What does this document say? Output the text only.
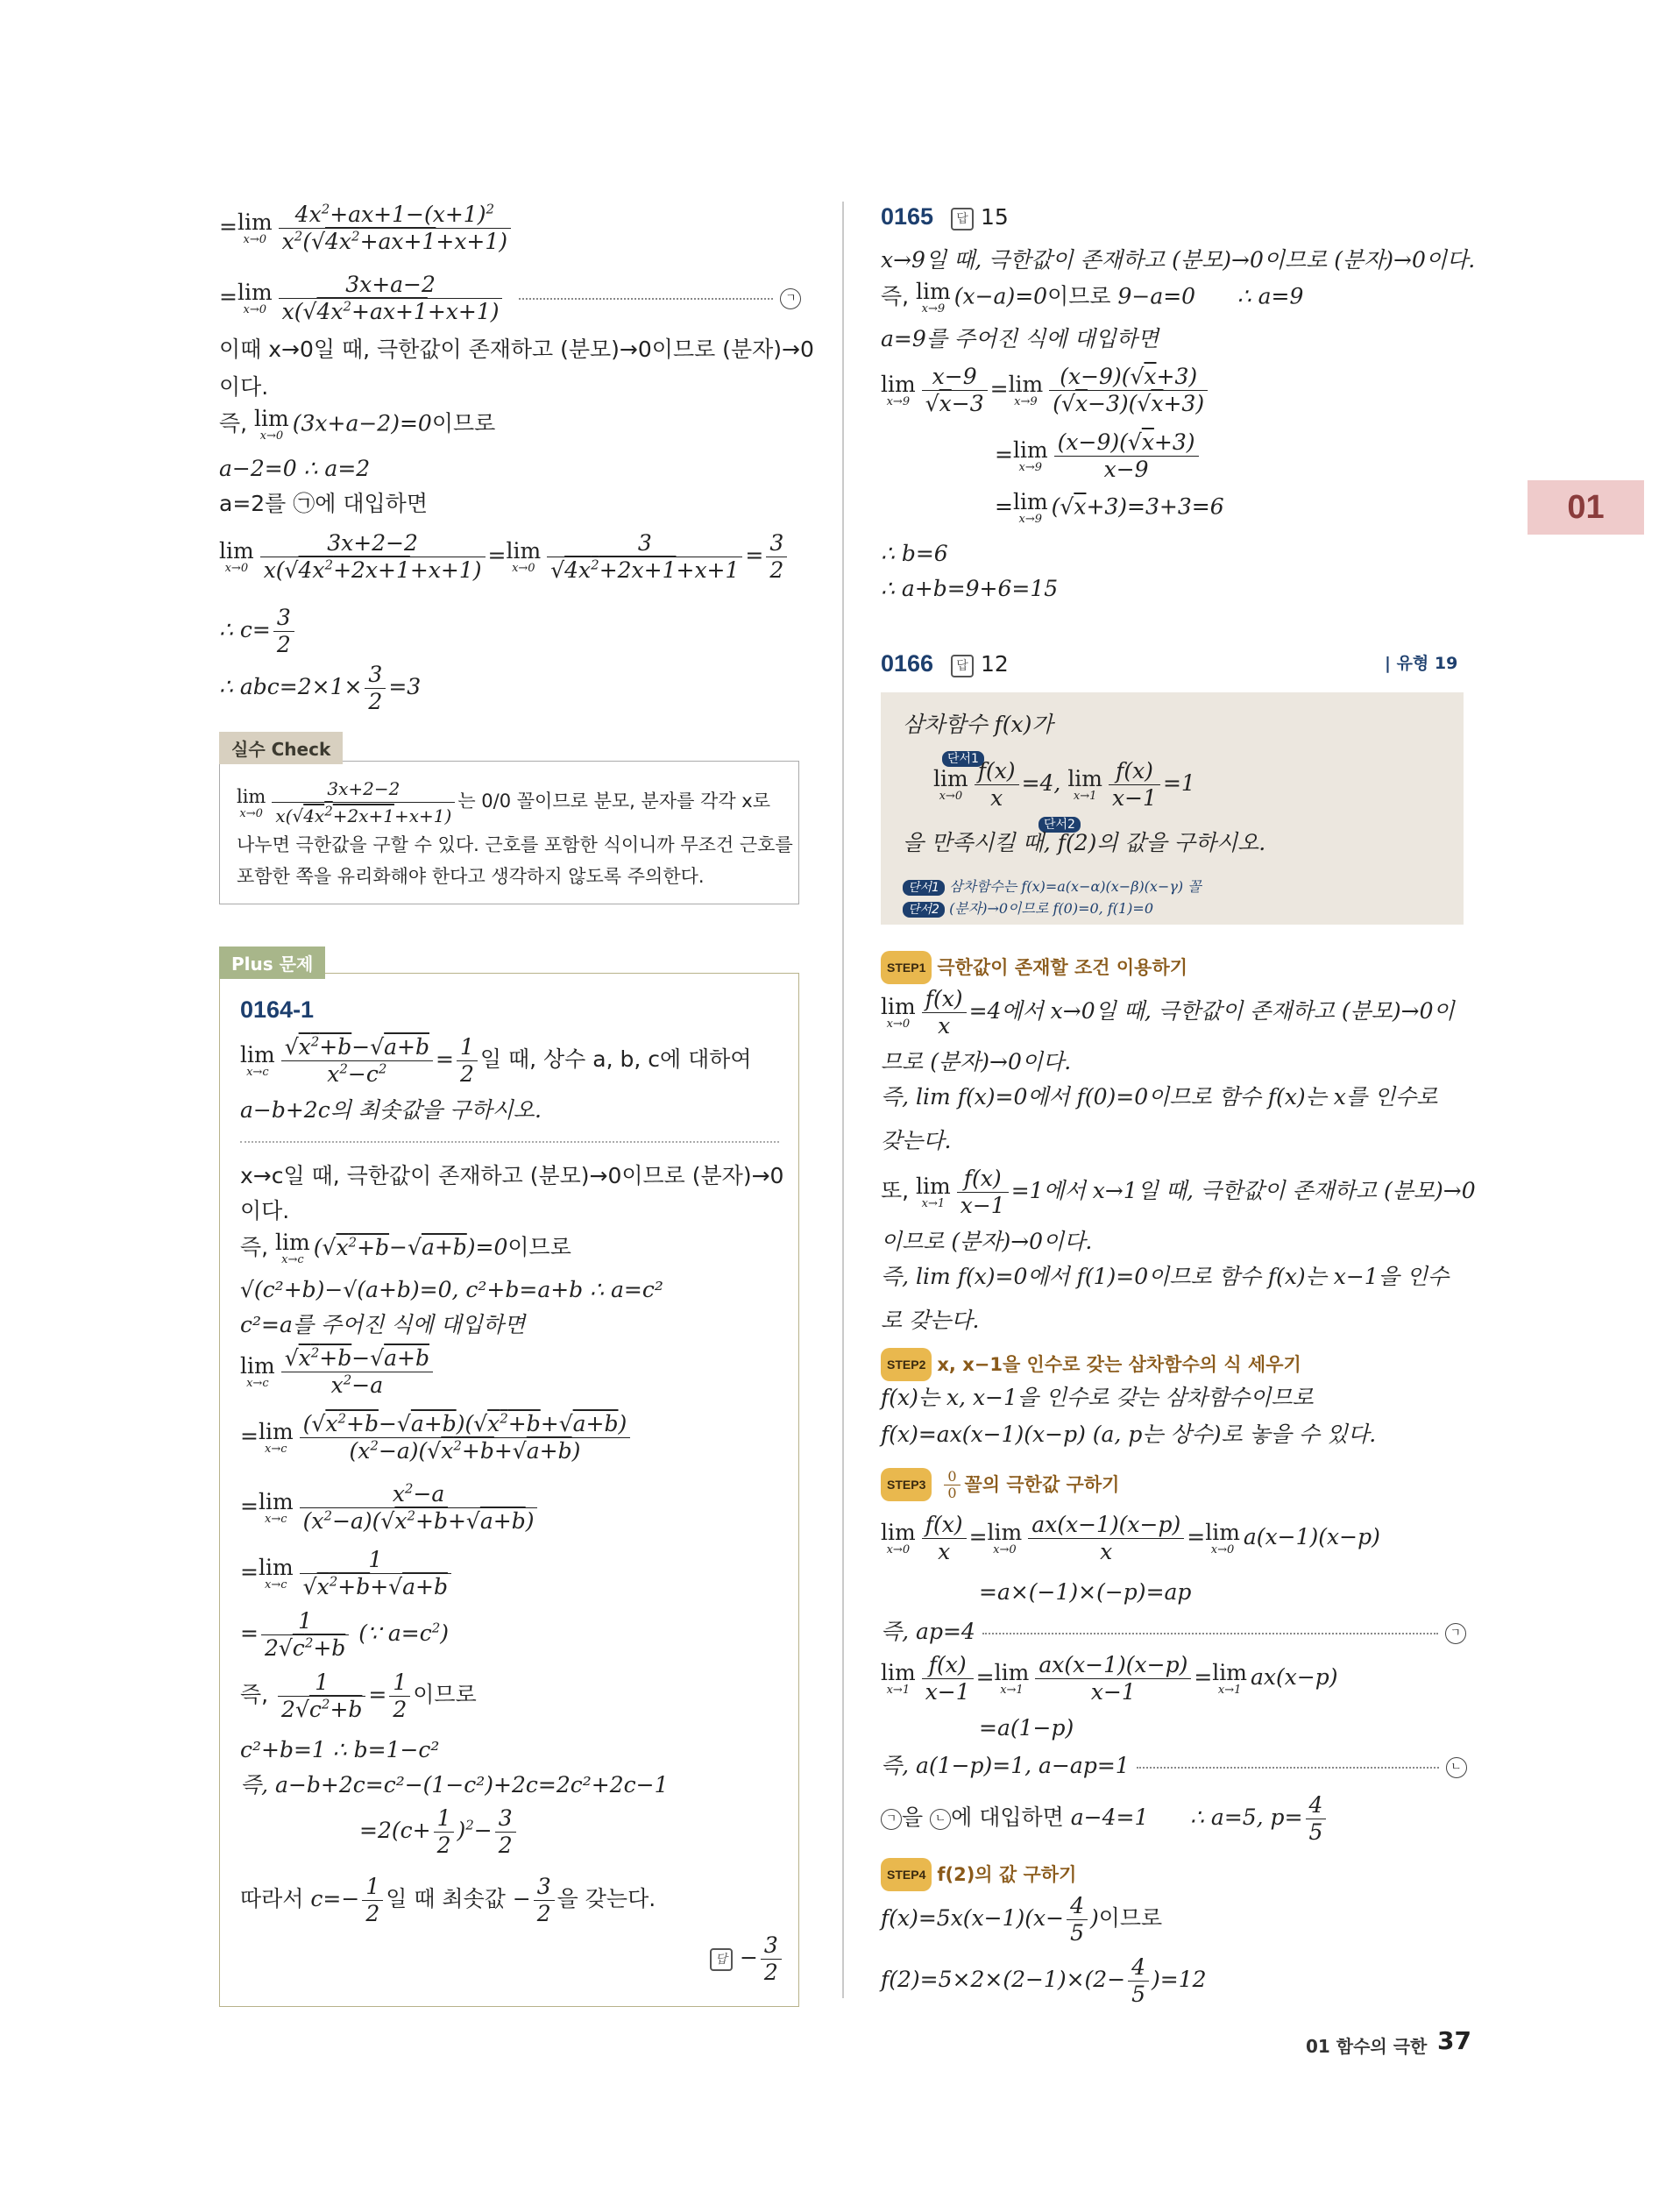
01
= lim
$x\to 0 \frac{4x^2+ax+1-(x+1)^2}{x^2(√4x^2+ax+1+x+1)}$
= lim
$x\to 0 \frac{3x+a-2}{x(√4x^2+ax+1+x+1)}$	ㄱ
이때 x→0일 때, 극한값이 존재하고 (분모)→0이므로 (분자)→0
이다.
즉, lim
x→0 (3x+a−2)=0이므로
a−2=0 ∴ a=2
a=2를 ㉠에 대입하면
lim
$x\to 0 \frac{3x+2-2}{x(√4x^2+2x+1+x+1)} = \lim$
$x\to 0 \frac{3}{√4x^2+2x+1+x+1} = \frac{3}{2}$
∴ $c= \frac{3}{2}$
∴ $abc=2\times 1\times \frac{3}{2} =3$
실수 Check
lim
$x\to 0 \frac{3x+2-2}{x(√4x^2+2x+1+x+1)}$ 는 0/0 꼴이므로 분모, 분자를 각각 x로
나누면 극한값을 구할 수 있다. 근호를 포함한 식이니까 무조건 근호를
포함한 쪽을 유리화해야 한다고 생각하지 않도록 주의한다.
Plus 문제
0164-1
lim
$x\to c \frac{√x^2+b-√a+b}{x^2-c^2} = \frac{1}{2}$ 일 때, 상수 a, b, c에 대하여
a−b+2c의 최솟값을 구하시오.
x→c일 때, 극한값이 존재하고 (분모)→0이므로 (분자)→0
이다.
즉, lim
x→c $(√x^2+b-√a+b)=0$이므로
√(c²+b)−√(a+b)=0, c²+b=a+b ∴ a=c²
c²=a를 주어진 식에 대입하면
lim
$x\to c \frac{√x^2+b-√a+b}{x^2-a}$
= lim
$x\to c \frac{(√x^2+b-√a+b)(√x^2+b+√a+b)}{(x^2-a)(√x^2+b+√a+b)}$
= lim
$x\to c \frac{x^2-a}{(x^2-a)(√x^2+b+√a+b)}$
= lim
$x\to c \frac{1}{√x^2+b+√a+b}$
= $\frac{1}{2√c^2+b}$ (∵ $a=c^2$)
즉, $\frac{1}{2√c^2+b} = \frac{1}{2}$ 이므로
c²+b=1 ∴ b=1−c²
즉, a−b+2c=c²−(1−c²)+2c=2c²+2c−1
$=2(c+ \frac{1}{2} )^2- \frac{3}{2}$
따라서 $c=- \frac{1}{2}$ 일 때 최솟값 − $\frac{3}{2}$ 을 갖는다.
답 − $\frac{3}{2}$
0165 답 15
x→9일 때, 극한값이 존재하고 (분모)→0이므로 (분자)→0이다.
즉, lim
x→9 (x−a)=0이므로 9−a=0      ∴ a=9
a=9를 주어진 식에 대입하면
lim
$x\to 9 \frac{x-9}{√x-3} = \lim$
$x\to 9 \frac{(x-9)(√x+3)}{(√x-3)(√x+3)}$
= lim
$x\to 9 \frac{(x-9)(√x+3)}{x-9}$
= lim
x→9 (√x+3)=3+3=6
∴ b=6
∴ a+b=9+6=15
0166 답 12	| 유형 19
삼차함수 f(x)가
단서1
lim
$x\to 0 \frac{f(x)}{x} =4$, lim
$x\to 1 \frac{f(x)}{x-1} =1$
단서2
을 만족시킬 때, f(2)의 값을 구하시오.
단서1 삼차함수는 f(x)=a(x−α)(x−β)(x−γ) 꼴
단서2 (분자)→0이므로 f(0)=0, f(1)=0
STEP1 극한값이 존재할 조건 이용하기
lim
$x\to 0 \frac{f(x)}{x} =4$에서 x→0일 때, 극한값이 존재하고 (분모)→0이
므로 (분자)→0이다.
즉, lim f(x)=0에서 f(0)=0이므로 함수 f(x)는 x를 인수로
갖는다.
또, lim
$x\to 1 \frac{f(x)}{x-1} =1$에서 x→1일 때, 극한값이 존재하고 (분모)→0
이므로 (분자)→0이다.
즉, lim f(x)=0에서 f(1)=0이므로 함수 f(x)는 x−1을 인수
로 갖는다.
STEP2 x, x−1을 인수로 갖는 삼차함수의 식 세우기
f(x)는 x, x−1을 인수로 갖는 삼차함수이므로
f(x)=ax(x−1)(x−p) (a, p는 상수)로 놓을 수 있다.
STEP3 $\frac{0}{0}$ 꼴의 극한값 구하기
lim
$x\to 0 \frac{f(x)}{x} = \lim$
$x\to 0 \frac{ax(x-1)(x-p)}{x} = \lim$
x→0 a(x−1)(x−p)
=a×(−1)×(−p)=ap
즉, ap=4	ㄱ
lim
$x\to 1 \frac{f(x)}{x-1} = \lim$
$x\to 1 \frac{ax(x-1)(x-p)}{x-1} = \lim$
x→1 ax(x−p)
=a(1−p)
즉, a(1−p)=1, a−ap=1	ㄴ
ㄱ 을 ㄴ 에 대입하면 a−4=1      ∴ a=5, $p= \frac{4}{5}$
STEP4 f(2)의 값 구하기
$f(x)=5x(x-1)(x- \frac{4}{5}$ )이므로
$f(2)=5\times 2\times(2-1)\times(2- \frac{4}{5} )=12$
01 함수의 극한 37
